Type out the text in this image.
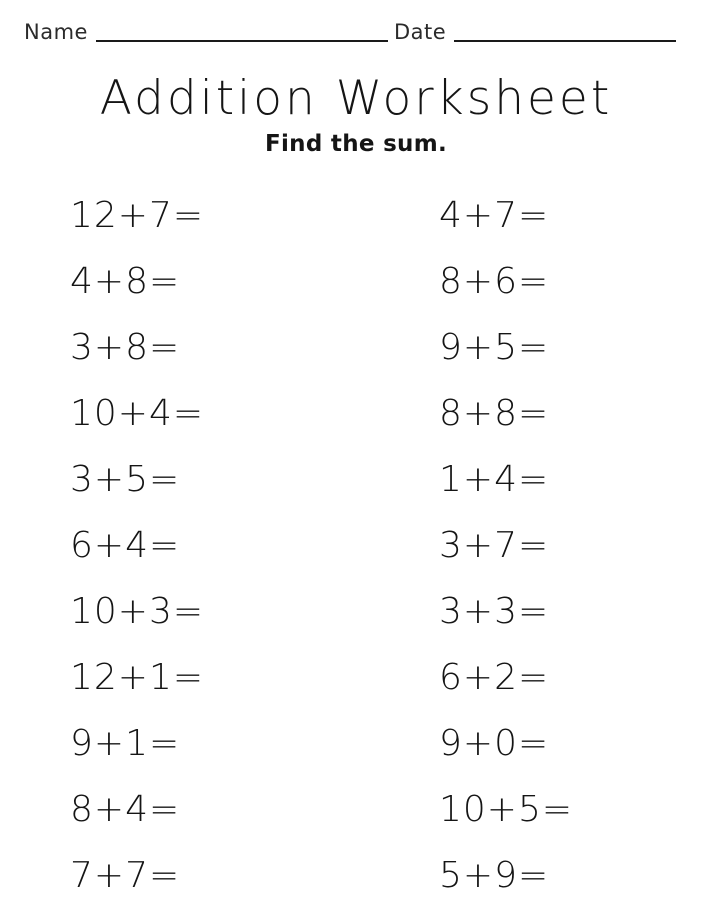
Name	Date
Addition Worksheet
Find the sum.
12+7=
4+8=
3+8=
10+4=
3+5=
6+4=
10+3=
12+1=
9+1=
8+4=
7+7=
4+7=
8+6=
9+5=
8+8=
1+4=
3+7=
3+3=
6+2=
9+0=
10+5=
5+9=
